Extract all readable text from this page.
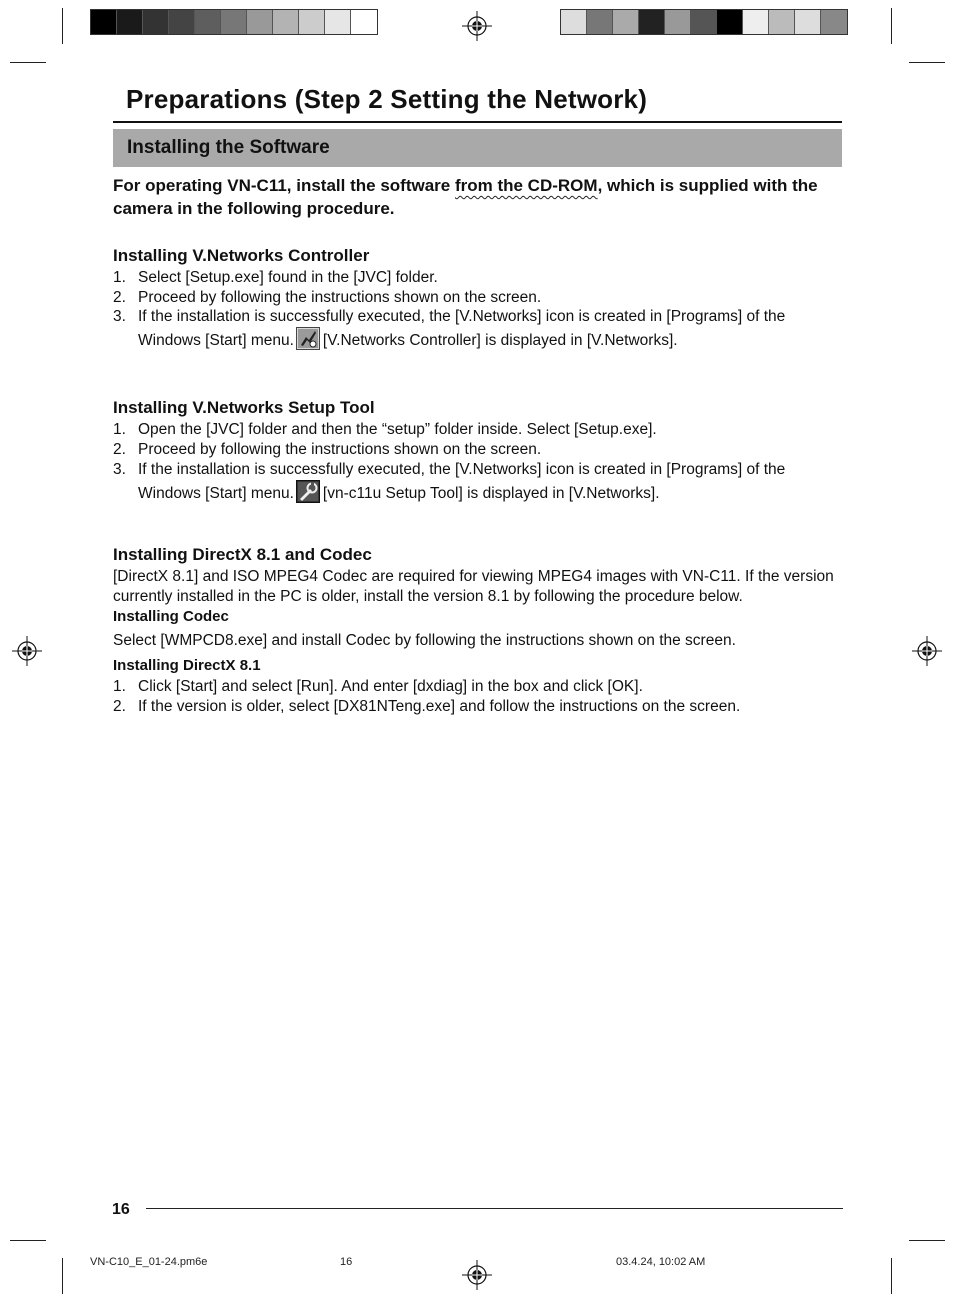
Preparations (Step 2 Setting the Network)
Installing the Software
For operating VN-C11, install the software from the CD-ROM, which is supplied with the camera in the following procedure.
Installing V.Networks Controller
1. Select [Setup.exe] found in the [JVC] folder.
2. Proceed by following the instructions shown on the screen.
3. If the installation is successfully executed, the [V.Networks] icon is created in [Programs] of the Windows [Start] menu. [V.Networks Controller] is displayed in [V.Networks].
Installing V.Networks Setup Tool
1. Open the [JVC] folder and then the “setup” folder inside. Select [Setup.exe].
2. Proceed by following the instructions shown on the screen.
3. If the installation is successfully executed, the [V.Networks] icon is created in [Programs] of the Windows [Start] menu. [vn-c11u Setup Tool] is displayed in [V.Networks].
Installing DirectX 8.1 and Codec
[DirectX 8.1] and ISO MPEG4 Codec are required for viewing MPEG4 images with VN-C11. If the version currently installed in the PC is older, install the version 8.1 by following the procedure below.
Installing Codec
Select [WMPCD8.exe] and install Codec by following the instructions shown on the screen.
Installing DirectX 8.1
1. Click [Start] and select [Run]. And enter [dxdiag] in the box and click [OK].
2. If the version is older, select [DX81NTeng.exe] and follow the instructions on the screen.
16
VN-C10_E_01-24.pm6e	16	03.4.24, 10:02 AM
